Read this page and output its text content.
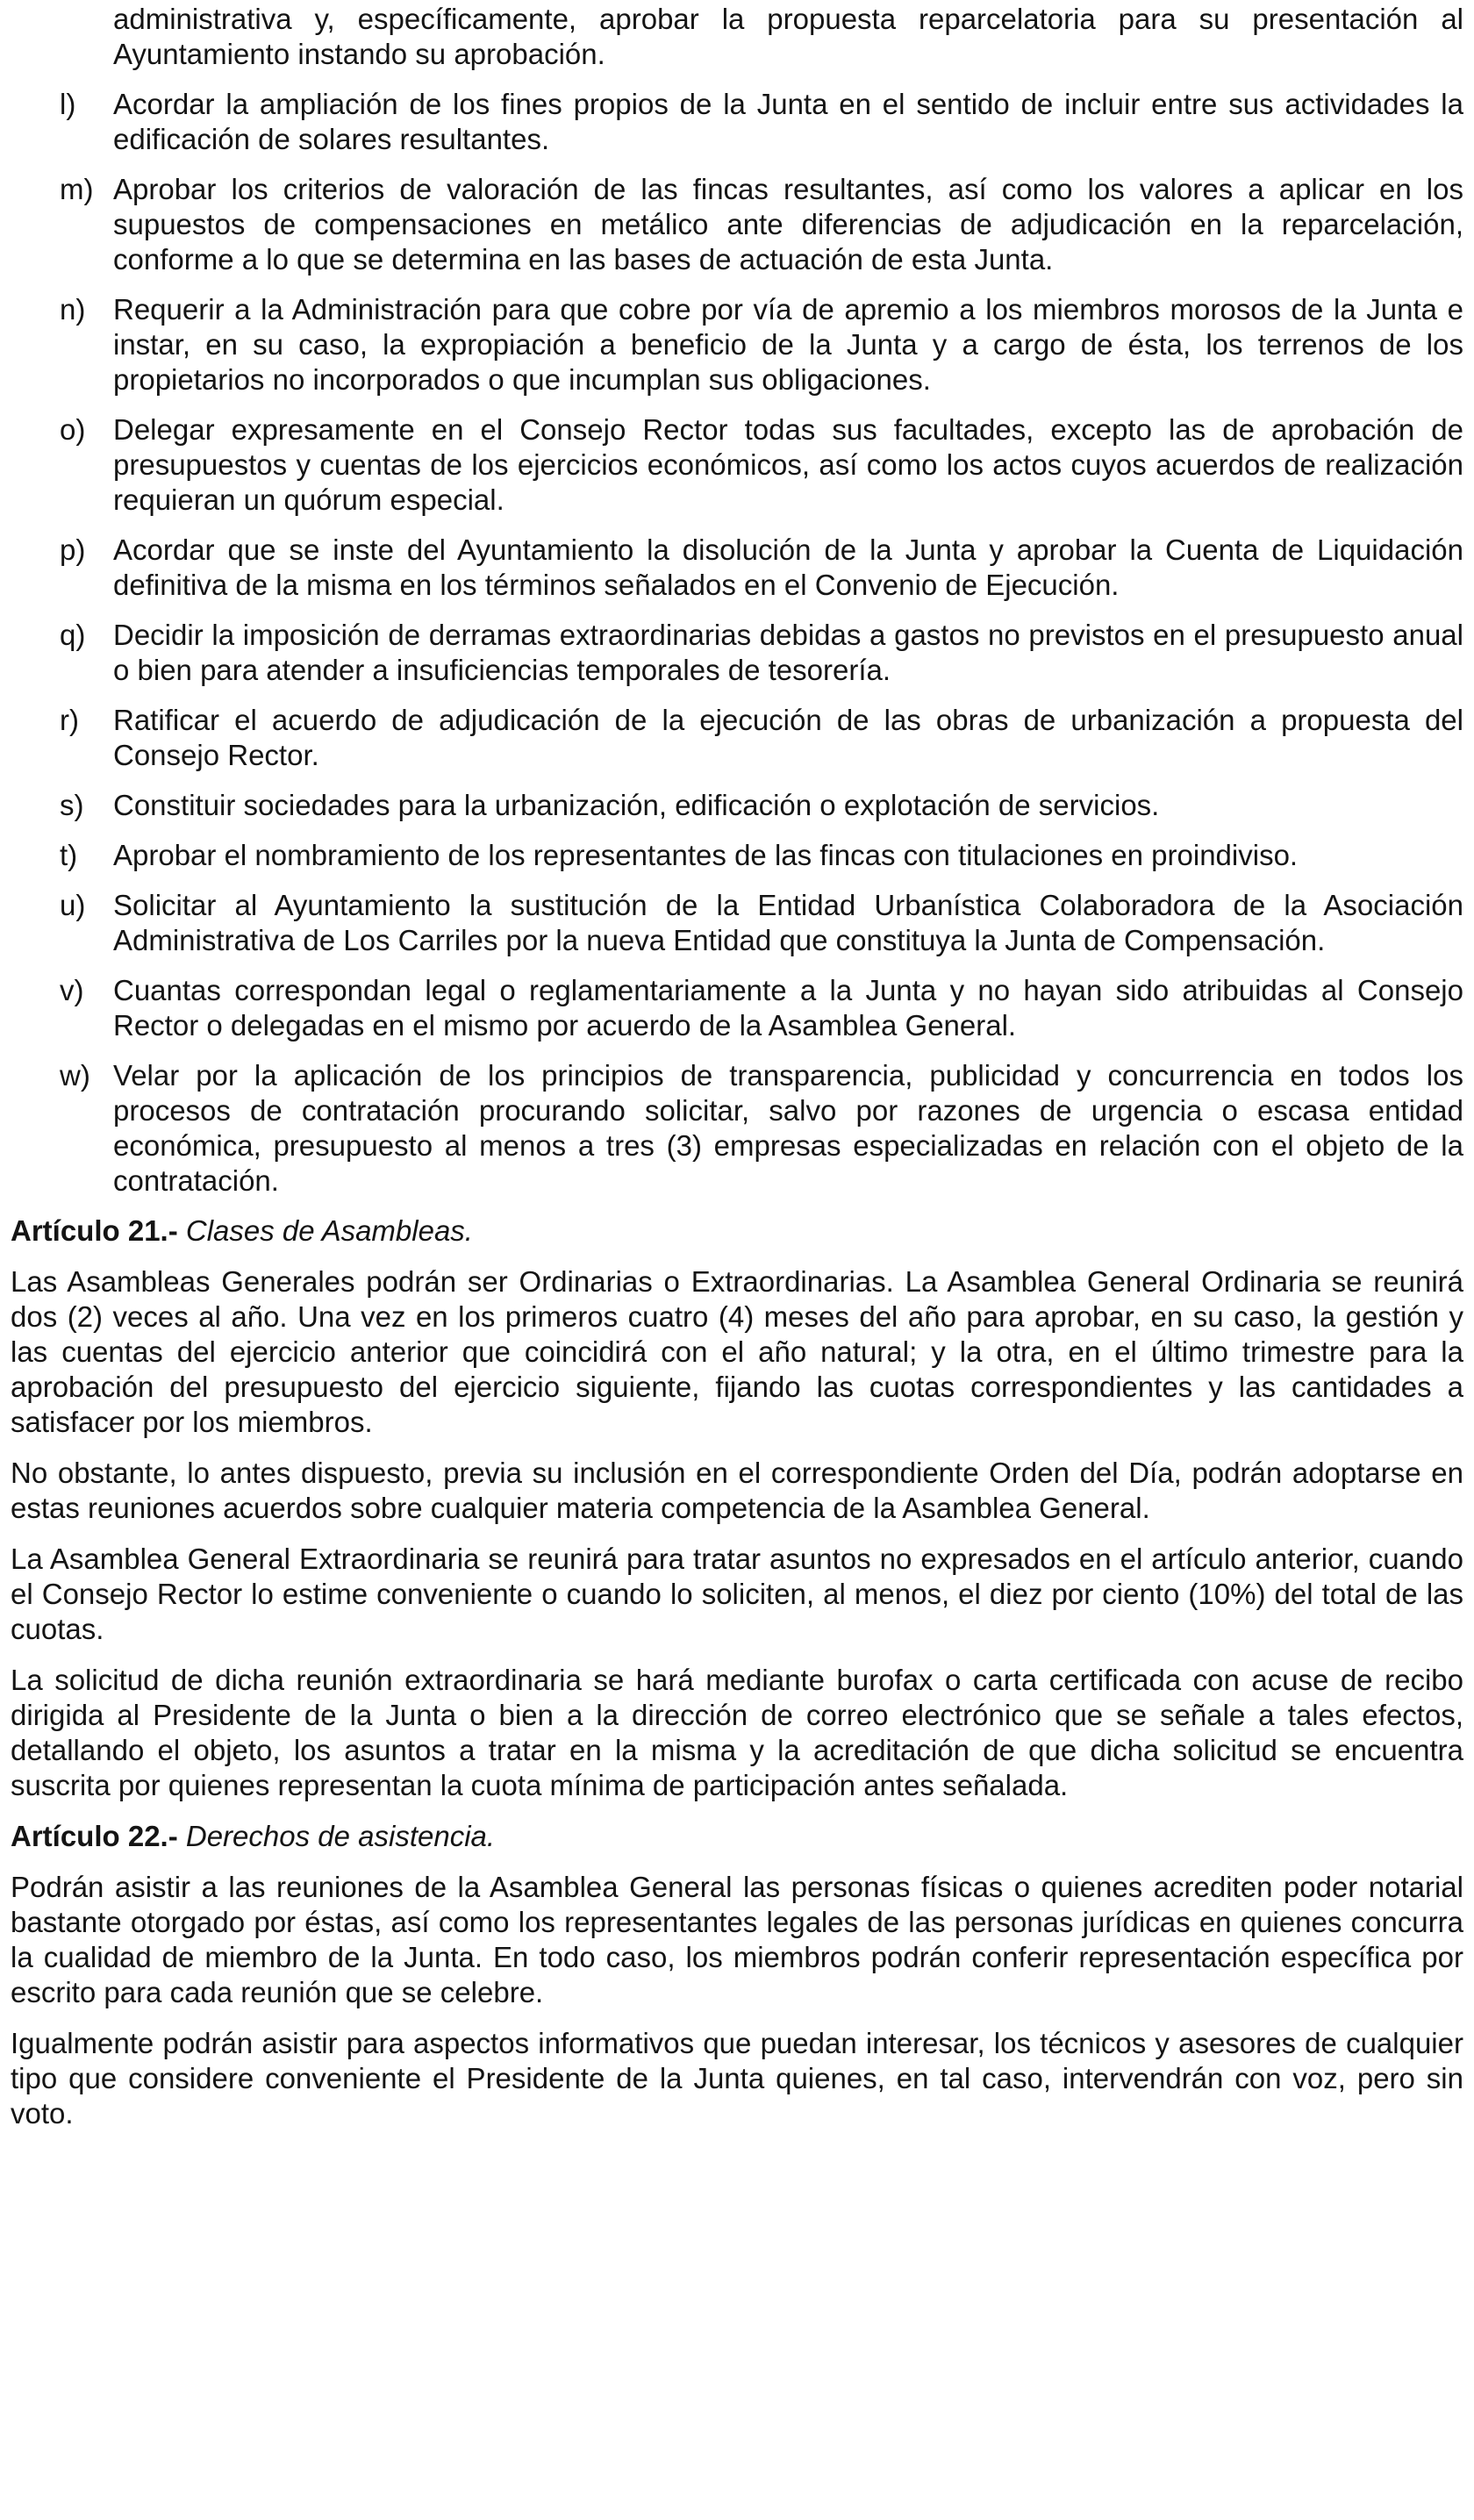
administrativa y, específicamente, aprobar la propuesta reparcelatoria para su presentación al Ayuntamiento instando su aprobación.
l) Acordar la ampliación de los fines propios de la Junta en el sentido de incluir entre sus actividades la edificación de solares resultantes.
m) Aprobar los criterios de valoración de las fincas resultantes, así como los valores a aplicar en los supuestos de compensaciones en metálico ante diferencias de adjudicación en la reparcelación, conforme a lo que se determina en las bases de actuación de esta Junta.
n) Requerir a la Administración para que cobre por vía de apremio a los miembros morosos de la Junta e instar, en su caso, la expropiación a beneficio de la Junta y a cargo de ésta, los terrenos de los propietarios no incorporados o que incumplan sus obligaciones.
o) Delegar expresamente en el Consejo Rector todas sus facultades, excepto las de aprobación de presupuestos y cuentas de los ejercicios económicos, así como los actos cuyos acuerdos de realización requieran un quórum especial.
p) Acordar que se inste del Ayuntamiento la disolución de la Junta y aprobar la Cuenta de Liquidación definitiva de la misma en los términos señalados en el Convenio de Ejecución.
q) Decidir la imposición de derramas extraordinarias debidas a gastos no previstos en el presupuesto anual o bien para atender a insuficiencias temporales de tesorería.
r) Ratificar el acuerdo de adjudicación de la ejecución de las obras de urbanización a propuesta del Consejo Rector.
s) Constituir sociedades para la urbanización, edificación o explotación de servicios.
t) Aprobar el nombramiento de los representantes de las fincas con titulaciones en proindiviso.
u) Solicitar al Ayuntamiento la sustitución de la Entidad Urbanística Colaboradora de la Asociación Administrativa de Los Carriles por la nueva Entidad que constituya la Junta de Compensación.
v) Cuantas correspondan legal o reglamentariamente a la Junta y no hayan sido atribuidas al Consejo Rector o delegadas en el mismo por acuerdo de la Asamblea General.
w) Velar por la aplicación de los principios de transparencia, publicidad y concurrencia en todos los procesos de contratación procurando solicitar, salvo por razones de urgencia o escasa entidad económica, presupuesto al menos a tres (3) empresas especializadas en relación con el objeto de la contratación.
Artículo 21.- Clases de Asambleas.

Las Asambleas Generales podrán ser Ordinarias o Extraordinarias. La Asamblea General Ordinaria se reunirá dos (2) veces al año. Una vez en los primeros cuatro (4) meses del año para aprobar, en su caso, la gestión y las cuentas del ejercicio anterior que coincidirá con el año natural; y la otra, en el último trimestre para la aprobación del presupuesto del ejercicio siguiente, fijando las cuotas correspondientes y las cantidades a satisfacer por los miembros.

No obstante, lo antes dispuesto, previa su inclusión en el correspondiente Orden del Día, podrán adoptarse en estas reuniones acuerdos sobre cualquier materia competencia de la Asamblea General.

La Asamblea General Extraordinaria se reunirá para tratar asuntos no expresados en el artículo anterior, cuando el Consejo Rector lo estime conveniente o cuando lo soliciten, al menos, el diez por ciento (10%) del total de las cuotas.

La solicitud de dicha reunión extraordinaria se hará mediante burofax o carta certificada con acuse de recibo dirigida al Presidente de la Junta o bien a la dirección de correo electrónico que se señale a tales efectos, detallando el objeto, los asuntos a tratar en la misma y la acreditación de que dicha solicitud se encuentra suscrita por quienes representan la cuota mínima de participación antes señalada.

Artículo 22.- Derechos de asistencia.

Podrán asistir a las reuniones de la Asamblea General las personas físicas o quienes acrediten poder notarial bastante otorgado por éstas, así como los representantes legales de las personas jurídicas en quienes concurra la cualidad de miembro de la Junta. En todo caso, los miembros podrán conferir representación específica por escrito para cada reunión que se celebre.

Igualmente podrán asistir para aspectos informativos que puedan interesar, los técnicos y asesores de cualquier tipo que considere conveniente el Presidente de la Junta quienes, en tal caso, intervendrán con voz, pero sin voto.
